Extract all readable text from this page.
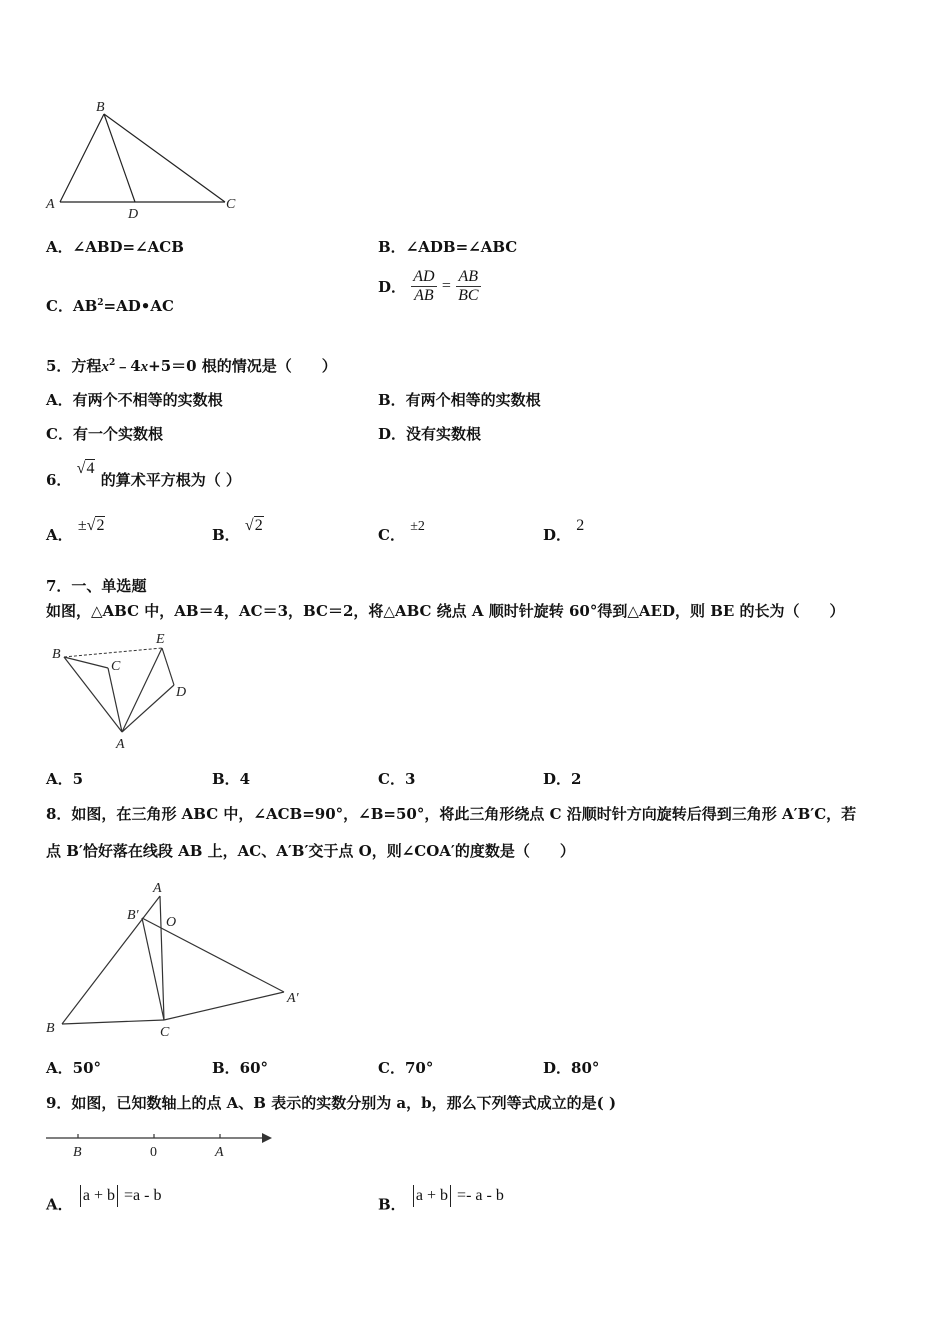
B
A
D
C
A．∠ABD=∠ACB	B．∠ADB=∠ABC
C．$AB^2=AD•AC$
D． $\frac{AD}{AB} = \frac{AB}{BC}$
5．方程$x^2﹣4x+5=0$ 根的情况是（　　）
A．有两个不相等的实数根	B．有两个相等的实数根
C．有一个实数根	D．没有实数根
6． √4 的算术平方根为（ ）
A． ±√2
B． √2
C． ±2	D． 2
7．一、单选题
如图，△ABC 中，AB＝4，AC＝3，BC＝2，将△ABC 绕点 A 顺时针旋转 60°得到△AED，则 BE 的长为（　　）
B
C
E
D
A
A．5	B．4	C．3	D．2
8．如图，在三角形 ABC 中，∠ACB=90°，∠B=50°，将此三角形绕点 C 沿顺时针方向旋转后得到三角形 A′B′C，若
点 B′恰好落在线段 AB 上，AC、A′B′交于点 O，则∠COA′的度数是（　　）
A
B′ O
A′
B	C
A．50°	B．60°	C．70°	D．80°
9．如图，已知数轴上的点 A、B 表示的实数分别为 a，b，那么下列等式成立的是( )
B	0	A
A． a + b =a - b
B． a + b =- a - b
